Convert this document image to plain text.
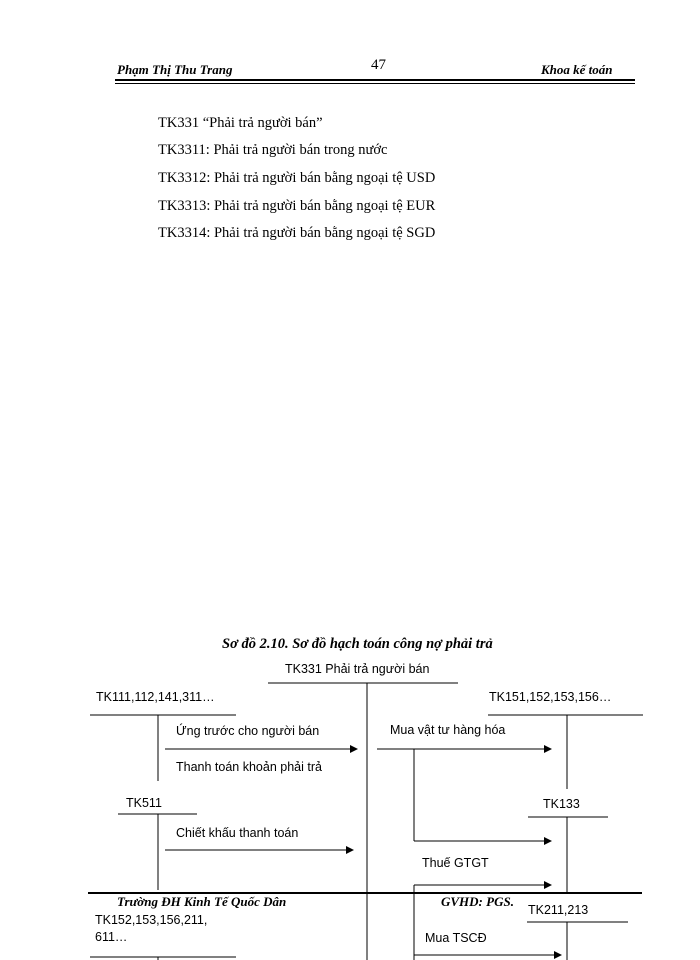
Phạm Thị Thu Trang	47	Khoa kế toán
TK331 “Phải trả người bán”
TK3311: Phải trả người bán trong nước
TK3312: Phải trả người bán bằng ngoại tệ USD
TK3313: Phải trả người bán bằng ngoại tệ EUR
TK3314: Phải trả người bán bằng ngoại tệ SGD
Sơ đồ 2.10. Sơ đồ hạch toán công nợ phải trả
TK331 Phải trả người bán
TK111,112,141,311…
Ứng trước cho người bán
Thanh toán khoản phải trả
TK511
Chiết khấu thanh toán
TK151,152,153,156…
Mua vật tư hàng hóa
TK133
Thuế GTGT
TK211,213
TK152,153,156,211,
611…	Mua TSCĐ
Trường ĐH Kinh Tế Quốc Dân	GVHD: PGS.
